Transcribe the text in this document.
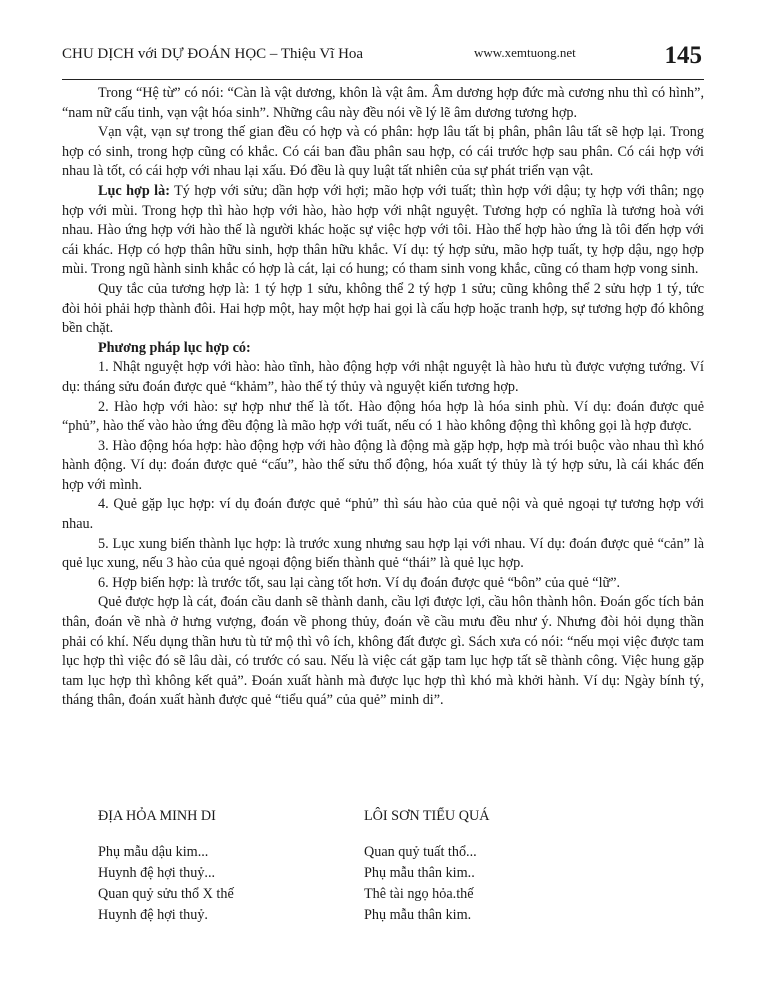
CHU DỊCH với DỰ ĐOÁN HỌC – Thiệu Vĩ Hoa	www.xemtuong.net	145

Trong “Hệ từ” có nói: “Càn là vật dương, khôn là vật âm. Âm dương hợp đức mà cương nhu thì có hình”, “nam nữ cấu tinh, vạn vật hóa sinh”. Những câu này đều nói về lý lẽ âm dương tương hợp.

Vạn vật, vạn sự trong thế gian đều có hợp và có phân: hợp lâu tất bị phân, phân lâu tất sẽ hợp lại. Trong hợp có sinh, trong hợp cũng có khắc. Có cái ban đầu phân sau hợp, có cái trước hợp sau phân. Có cái hợp với nhau là tốt, có cái hợp với nhau lại xấu. Đó đều là quy luật tất nhiên của sự phát triển vạn vật.

Lục hợp là: Tý hợp với sửu; dần hợp với hợi; mão hợp với tuất; thìn hợp với dậu; tỵ hợp với thân; ngọ hợp với mùi. Trong hợp thì hào hợp với hào, hào hợp với nhật nguyệt. Tương hợp có nghĩa là tương hoà với nhau. Hào ứng hợp với hào thế là người khác hoặc sự việc hợp với tôi. Hào thế hợp hào ứng là tôi đến hợp với cái khác. Hợp có hợp thân hữu sinh, hợp thân hữu khắc. Ví dụ: tý hợp sửu, mão hợp tuất, tỵ hợp dậu, ngọ hợp mùi. Trong ngũ hành sinh khắc có hợp là cát, lại có hung; có tham sinh vong khắc, cũng có tham hợp vong sinh.

Quy tắc của tương hợp là: 1 tý hợp 1 sửu, không thể 2 tý hợp 1 sửu; cũng không thể 2 sửu hợp 1 tý, tức đòi hỏi phải hợp thành đôi. Hai hợp một, hay một hợp hai gọi là cấu hợp hoặc tranh hợp, sự tương hợp đó không bền chặt.

Phương pháp lục hợp có:

1. Nhật nguyệt hợp với hào: hào tĩnh, hào động hợp với nhật nguyệt là hào hưu tù được vượng tướng. Ví dụ: tháng sửu đoán được quẻ “khảm”, hào thế tý thủy và nguyệt kiến tương hợp.

2. Hào hợp với hào: sự hợp như thế là tốt. Hào động hóa hợp là hóa sinh phù. Ví dụ: đoán được quẻ “phủ”, hào thế vào hào ứng đều động là mão hợp với tuất, nếu có 1 hào không động thì không gọi là hợp được.

3. Hào động hóa hợp: hào động hợp với hào động là động mà gặp hợp, hợp mà trói buộc vào nhau thì khó hành động. Ví dụ: đoán được quẻ “cấu”, hào thế sửu thổ động, hóa xuất tý thủy là tý hợp sửu, là cái khác đến hợp với mình.

4. Quẻ gặp lục hợp: ví dụ đoán được quẻ “phủ” thì sáu hào của quẻ nội và quẻ ngoại tự tương hợp với nhau.

5. Lục xung biến thành lục hợp: là trước xung nhưng sau hợp lại với nhau. Ví dụ: đoán được quẻ “cản” là quẻ lục xung, nếu 3 hào của quẻ ngoại động biến thành quẻ “thái” là quẻ lục hợp.

6. Hợp biến hợp: là trước tốt, sau lại càng tốt hơn. Ví dụ đoán được quẻ “bôn” của quẻ “lữ”.

Quẻ được hợp là cát, đoán cầu danh sẽ thành danh, cầu lợi được lợi, cầu hôn thành hôn. Đoán gốc tích bản thân, đoán về nhà ở hưng vượng, đoán về phong thủy, đoán về cầu mưu đều như ý. Nhưng đòi hỏi dụng thần phải có khí. Nếu dụng thần hưu tù tử mộ thì vô ích, không đất được gì. Sách xưa có nói: “nếu mọi việc được tam lục hợp thì việc đó sẽ lâu dài, có trước có sau. Nếu là việc cát gặp tam lục hợp tất sẽ thành công. Việc hung gặp tam lục hợp thì không kết quả”. Đoán xuất hành mà được lục hợp thì khó mà khởi hành. Ví dụ: Ngày bính tý, tháng thân, đoán xuất hành được quẻ “tiểu quá” của quẻ” minh di”.

ĐỊA HỎA MINH DI
Phụ mẫu dậu kim...
Huynh đệ hợi thuỷ...
Quan quỷ sửu thổ X thế
Huynh đệ hợi thuỷ.
LÔI SƠN TIỂU QUÁ
Quan quỷ tuất thổ...
Phụ mẫu thân kim..
Thê tài ngọ hỏa.thế
Phụ mẫu thân kim.
